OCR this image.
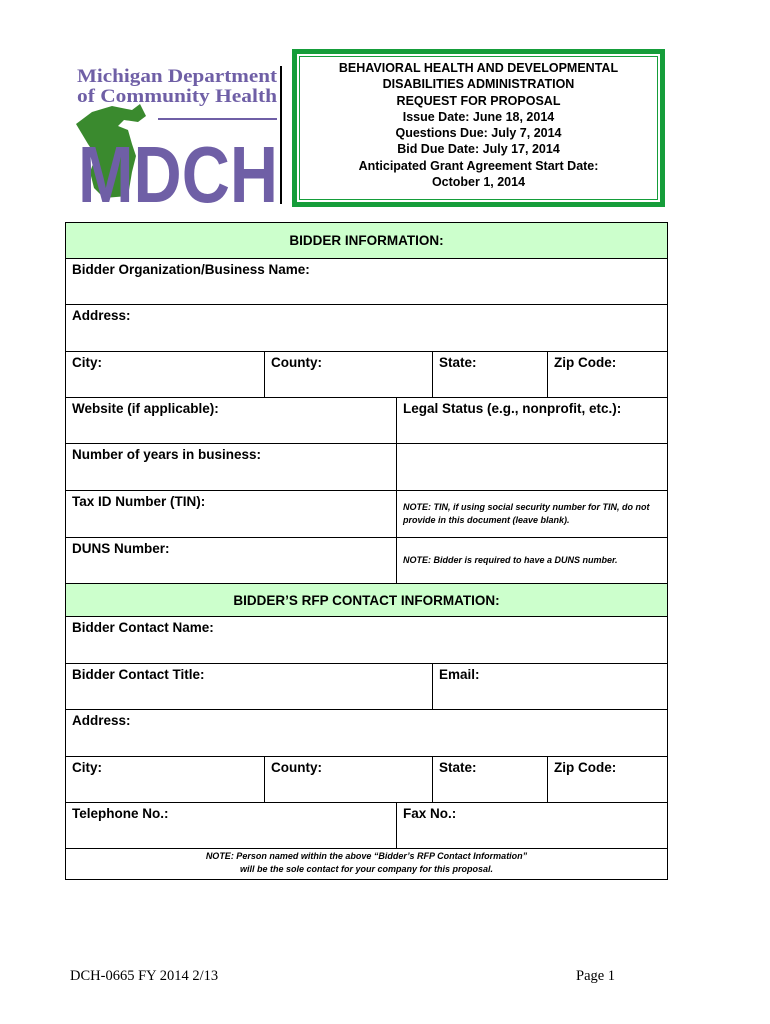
Michigan Department
of Community Health
MDCH
BEHAVIORAL HEALTH AND DEVELOPMENTAL
DISABILITIES ADMINISTRATION
REQUEST FOR PROPOSAL
Issue Date: June 18, 2014
Questions Due: July 7, 2014
Bid Due Date: July 17, 2014
Anticipated Grant Agreement Start Date:
October 1, 2014
BIDDER INFORMATION:				
Bidder Organization/Business Name:				
Address:				
City:	County:		State:	Zip Code:
Website (if applicable):		Legal Status (e.g., nonprofit, etc.):		
Number of years in business:				
Tax ID Number (TIN):		NOTE: TIN, if using social security number for TIN, do not provide in this document (leave blank).		

DUNS Number:		NOTE: Bidder is required to have a DUNS number.		

BIDDER’S RFP CONTACT INFORMATION:				
Bidder Contact Name:				
Bidder Contact Title:			Email:	
Address:				
City:	County:		State:	Zip Code:
Telephone No.:		Fax No.:		

NOTE: Person named within the above “Bidder’s RFP Contact Information”
will be the sole contact for your company for this proposal.				
DCH-0665 FY 2014 2/13	Page 1
